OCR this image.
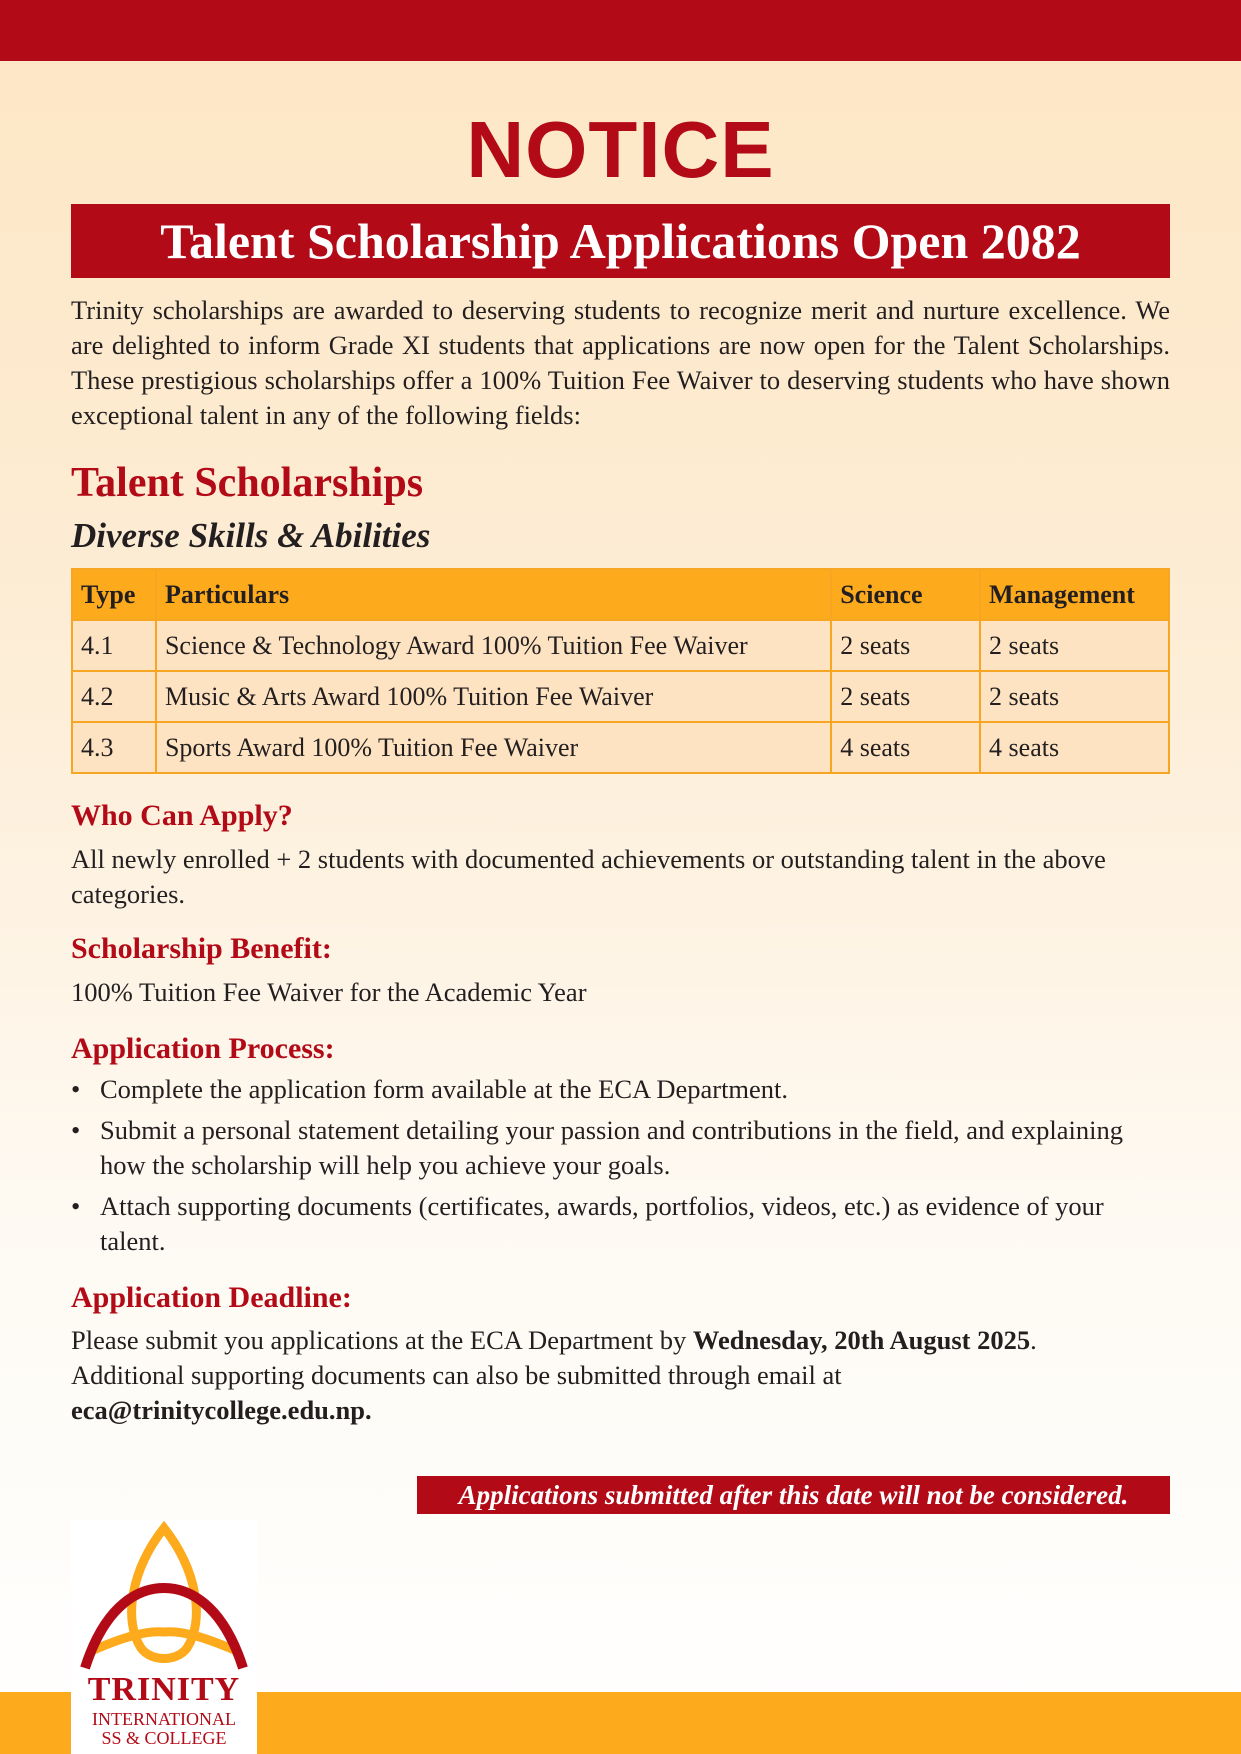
NOTICE
Talent Scholarship Applications Open 2082

Trinity scholarships are awarded to deserving students to recognize merit and nurture excellence. We are delighted to inform Grade XI students that applications are now open for the Talent Scholarships. These prestigious scholarships offer a 100% Tuition Fee Waiver to deserving students who have shown exceptional talent in any of the following fields:

Talent Scholarships
Diverse Skills & Abilities
Type	Particulars	Science	Management
4.1	Science & Technology Award 100% Tuition Fee Waiver	2 seats	2 seats
4.2	Music & Arts Award 100% Tuition Fee Waiver	2 seats	2 seats
4.3	Sports Award 100% Tuition Fee Waiver	4 seats	4 seats
Who Can Apply?

All newly enrolled + 2 students with documented achievements or outstanding talent in the above categories.

Scholarship Benefit:

100% Tuition Fee Waiver for the Academic Year

Application Process:
• Complete the application form available at the ECA Department.
• Submit a personal statement detailing your passion and contributions in the field, and explaining how the scholarship will help you achieve your goals.
• Attach supporting documents (certificates, awards, portfolios, videos, etc.) as evidence of your talent.
Application Deadline:

Please submit you applications at the ECA Department by Wednesday, 20th August 2025.
Additional supporting documents can also be submitted through email at
eca@trinitycollege.edu.np.

Applications submitted after this date will not be considered.
TRINITY
INTERNATIONAL
SS & COLLEGE
